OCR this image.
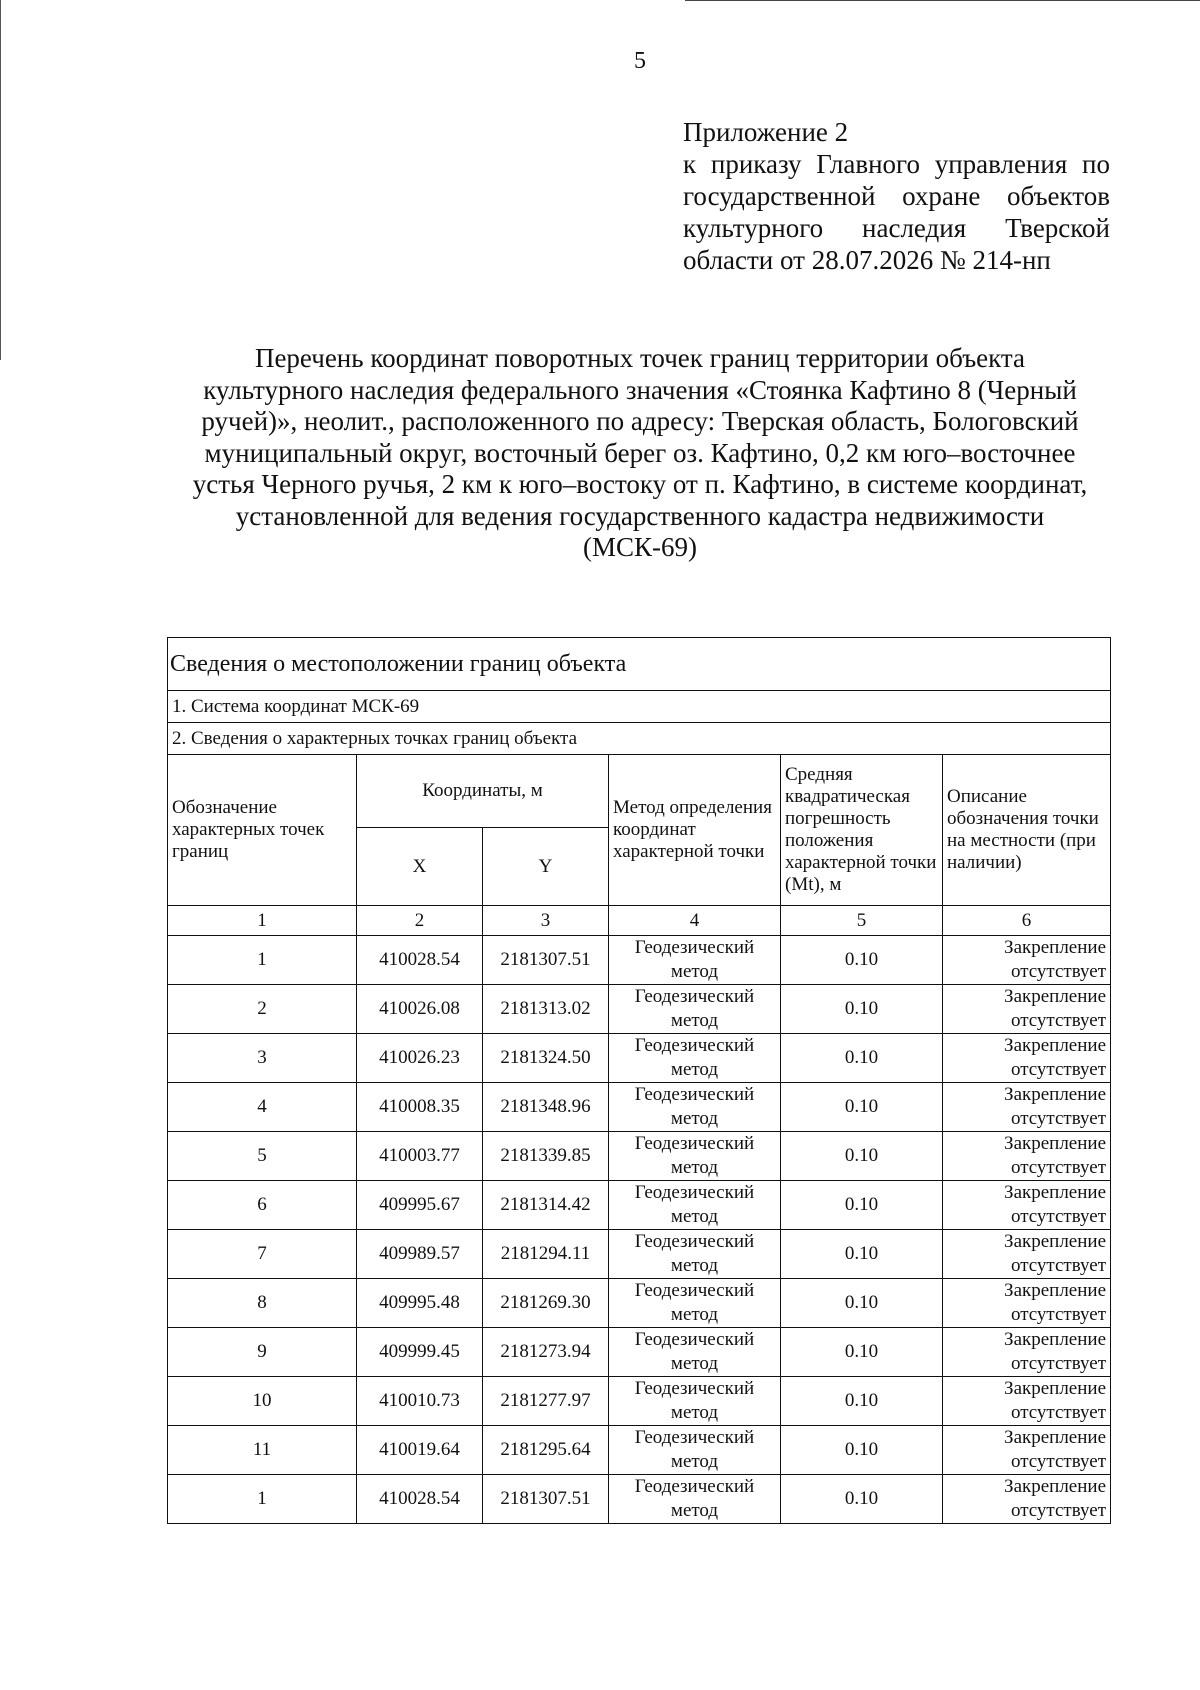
5
Приложение 2
к приказу Главного управления по
государственной охране объектов
культурного наследия Тверской
области от 28.07.2026 № 214-нп
Перечень координат поворотных точек границ территории объекта
культурного наследия федерального значения «Стоянка Кафтино 8 (Черный
ручей)», неолит., расположенного по адресу: Тверская область, Бологовский
муниципальный округ, восточный берег оз. Кафтино, 0,2 км юго–восточнее
устья Черного ручья, 2 км к юго–востоку от п. Кафтино, в системе координат,
установленной для ведения государственного кадастра недвижимости
(МСК-69)
Сведения о местоположении границ объекта					
1. Система координат МСК-69					
2. Сведения о характерных точках границ объекта					
Обозначение характерных точек границ	Координаты, м		Метод определения координат характерной точки	Средняя квадратическая погрешность положения характерной точки (Mt), м	Описание обозначения точки на местности (при наличии)
	X	Y			
1	2	3	4	5	6
1	410028.54	2181307.51	Геодезический метод	0.10	Закрепление отсутствует
2	410026.08	2181313.02	Геодезический метод	0.10	Закрепление отсутствует
3	410026.23	2181324.50	Геодезический метод	0.10	Закрепление отсутствует
4	410008.35	2181348.96	Геодезический метод	0.10	Закрепление отсутствует
5	410003.77	2181339.85	Геодезический метод	0.10	Закрепление отсутствует
6	409995.67	2181314.42	Геодезический метод	0.10	Закрепление отсутствует
7	409989.57	2181294.11	Геодезический метод	0.10	Закрепление отсутствует
8	409995.48	2181269.30	Геодезический метод	0.10	Закрепление отсутствует
9	409999.45	2181273.94	Геодезический метод	0.10	Закрепление отсутствует
10	410010.73	2181277.97	Геодезический метод	0.10	Закрепление отсутствует
11	410019.64	2181295.64	Геодезический метод	0.10	Закрепление отсутствует
1	410028.54	2181307.51	Геодезический метод	0.10	Закрепление отсутствует
